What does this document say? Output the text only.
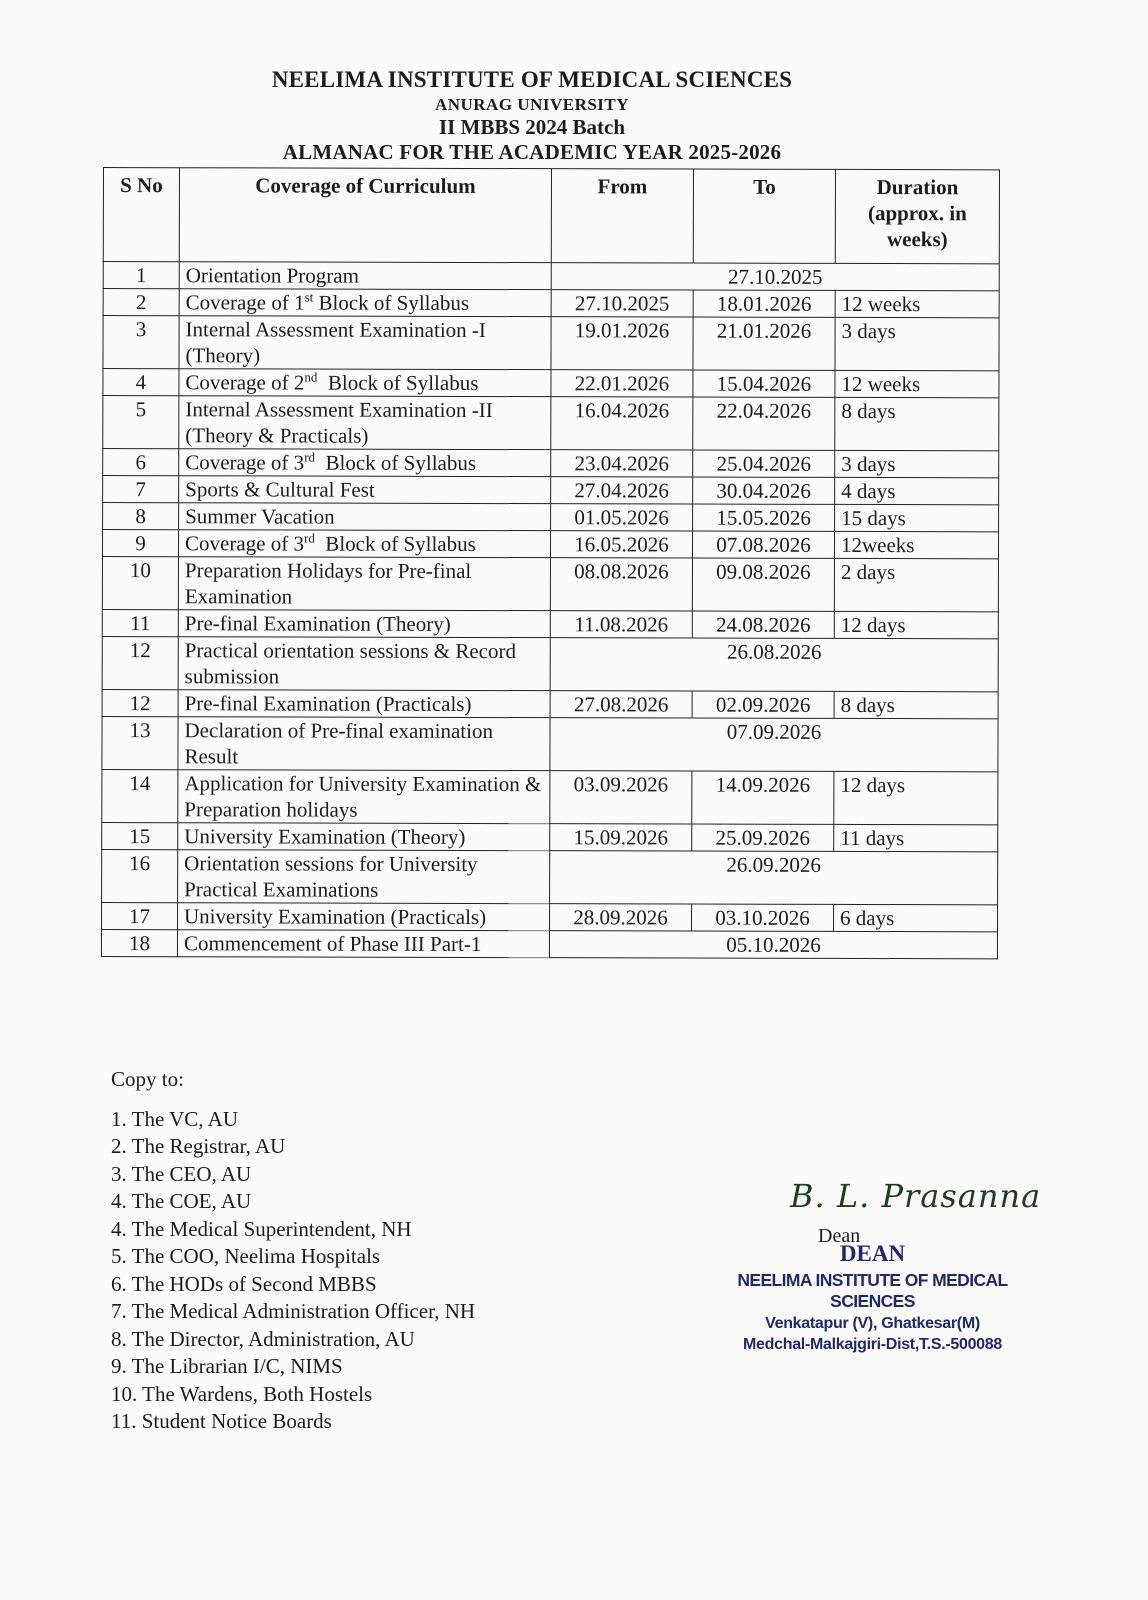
NEELIMA INSTITUTE OF MEDICAL SCIENCES
ANURAG UNIVERSITY
II MBBS 2024 Batch
ALMANAC FOR THE ACADEMIC YEAR 2025-2026
S No	Coverage of Curriculum	From	To	Duration (approx. in weeks)
1	Orientation Program	27.10.2025		
2	Coverage of 1st Block of Syllabus	27.10.2025	18.01.2026	12 weeks
3	Internal Assessment Examination -I (Theory)	19.01.2026	21.01.2026	3 days
4	Coverage of 2nd  Block of Syllabus	22.01.2026	15.04.2026	12 weeks
5	Internal Assessment Examination -II (Theory & Practicals)	16.04.2026	22.04.2026	8 days
6	Coverage of 3rd  Block of Syllabus	23.04.2026	25.04.2026	3 days
7	Sports & Cultural Fest	27.04.2026	30.04.2026	4 days
8	Summer Vacation	01.05.2026	15.05.2026	15 days
9	Coverage of 3rd  Block of Syllabus	16.05.2026	07.08.2026	12weeks
10	Preparation Holidays for Pre-final Examination	08.08.2026	09.08.2026	2 days
11	Pre-final Examination (Theory)	11.08.2026	24.08.2026	12 days
12	Practical orientation sessions & Record submission	26.08.2026		
12	Pre-final Examination (Practicals)	27.08.2026	02.09.2026	8 days
13	Declaration of Pre-final examination Result	07.09.2026		
14	Application for University Examination & Preparation holidays	03.09.2026	14.09.2026	12 days
15	University Examination (Theory)	15.09.2026	25.09.2026	11 days
16	Orientation sessions for University Practical Examinations	26.09.2026		
17	University Examination (Practicals)	28.09.2026	03.10.2026	6 days
18	Commencement of Phase III Part-1	05.10.2026		
Copy to:
1. The VC, AU
2. The Registrar, AU
3. The CEO, AU
4. The COE, AU
4. The Medical Superintendent, NH
5. The COO, Neelima Hospitals
6. The HODs of Second MBBS
7. The Medical Administration Officer, NH
8. The Director, Administration, AU
9. The Librarian I/C, NIMS
10. The Wardens, Both Hostels
11. Student Notice Boards
B. L. Prasanna
Dean
DEAN
NEELIMA INSTITUTE OF MEDICAL SCIENCES
Venkatapur (V), Ghatkesar(M)
Medchal-Malkajgiri-Dist,T.S.-500088
